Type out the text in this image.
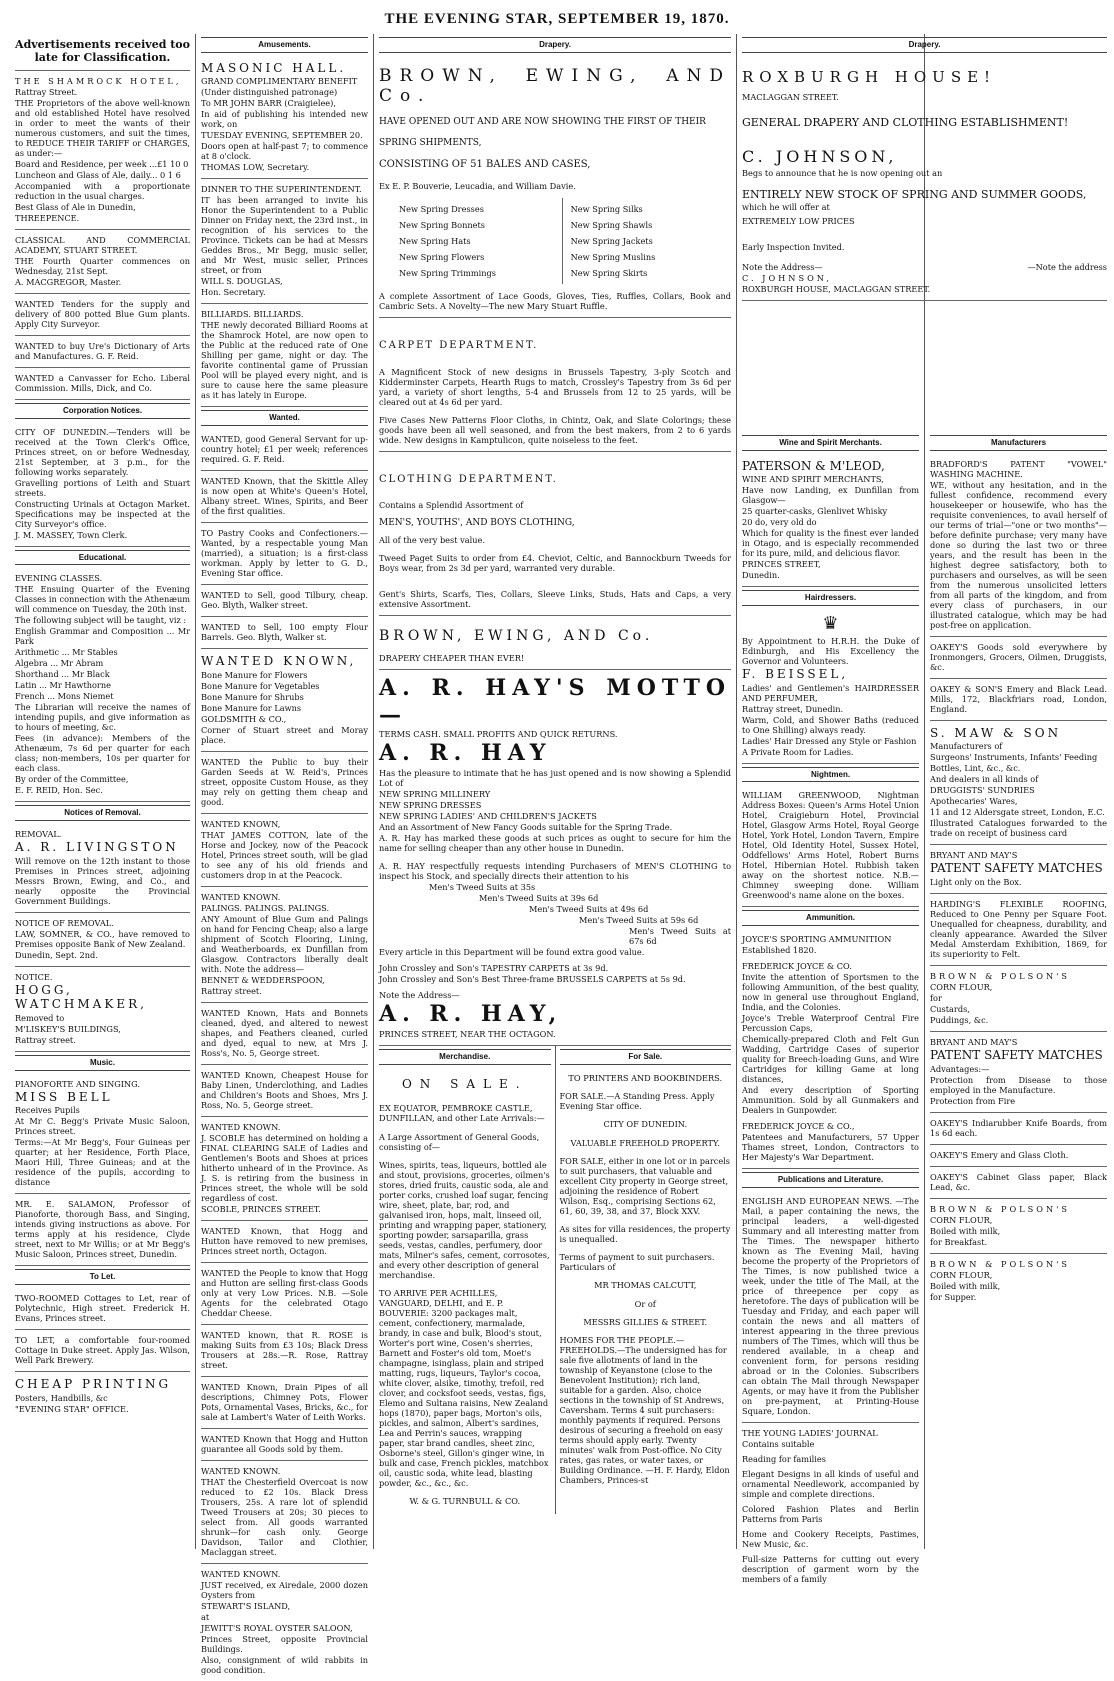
THE EVENING STAR, SEPTEMBER 19, 1870.
Advertisements received too late for Classification.

THE SHAMROCK HOTEL,

Rattray Street.

THE Proprietors of the above well-known and old established Hotel have resolved in order to meet the wants of their numerous customers, and suit the times, to REDUCE THEIR TARIFF or CHARGES, as under:—

Board and Residence, per week ...£1 10 0

Luncheon and Glass of Ale, daily... 0 1 6

Accompanied with a proportionate reduction in the usual charges.

Best Glass of Ale in Dunedin,

THREEPENCE.

CLASSICAL AND COMMERCIAL ACADEMY, STUART STREET.

THE Fourth Quarter commences on Wednesday, 21st Sept.

A. MACGREGOR, Master.

WANTED Tenders for the supply and delivery of 800 potted Blue Gum plants. Apply City Surveyor.

WANTED to buy Ure's Dictionary of Arts and Manufactures. G. F. Reid.

WANTED a Canvasser for Echo. Liberal Commission. Mills, Dick, and Co.

Corporation Notices.

CITY OF DUNEDIN.—Tenders will be received at the Town Clerk's Office, Princes street, on or before Wednesday, 21st September, at 3 p.m., for the following works separately.

Gravelling portions of Leith and Stuart streets.

Constructing Urinals at Octagon Market. Specifications may be inspected at the City Surveyor's office.

J. M. MASSEY, Town Clerk.

Educational.

EVENING CLASSES.

THE Ensuing Quarter of the Evening Classes in connection with the Athenæum will commence on Tuesday, the 20th inst.

The following subject will be taught, viz :

English Grammar and Composition ... Mr Park

Arithmetic ... Mr Stables

Algebra ... Mr Abram

Shorthand ... Mr Black

Latin ... Mr Hawthorne

French ... Mons Niemet

The Librarian will receive the names of intending pupils, and give information as to hours of meeting, &c.

Fees (in advance): Members of the Athenæum, 7s 6d per quarter for each class; non-members, 10s per quarter for each class.

By order of the Committee,

E. F. REID, Hon. Sec.

Notices of Removal.

REMOVAL.

A. R. LIVINGSTON

Will remove on the 12th instant to those Premises in Princes street, adjoining Messrs Brown, Ewing, and Co., and nearly opposite the Provincial Government Buildings.

NOTICE OF REMOVAL.

LAW, SOMNER, & CO., have removed to Premises opposite Bank of New Zealand.

Dunedin, Sept. 2nd.

NOTICE.

HOGG, WATCHMAKER,

Removed to

M'LISKEY'S BUILDINGS,

Rattray street.

Music.

PIANOFORTE AND SINGING.

MISS BELL

Receives Pupils

At Mr C. Begg's Private Music Saloon, Princes street.

Terms:—At Mr Begg's, Four Guineas per quarter; at her Residence, Forth Place, Maori Hill, Three Guineas; and at the residence of the pupils, according to distance

MR. E. SALAMON, Professor of Pianoforte, thorough Bass, and Singing, intends giving instructions as above. For terms apply at his residence, Clyde street, next to Mr Willis; or at Mr Begg's Music Saloon, Princes street, Dunedin.

To Let.

TWO-ROOMED Cottages to Let, rear of Polytechnic, High street. Frederick H. Evans, Princes street.

TO LET, a comfortable four-roomed Cottage in Duke street. Apply Jas. Wilson, Well Park Brewery.

CHEAP PRINTING

Posters, Handbills, &c

"EVENING STAR" OFFICE.

Amusements.

MASONIC HALL.

GRAND COMPLIMENTARY BENEFIT

(Under distinguished patronage)

To MR JOHN BARR (Craigielee),

In aid of publishing his intended new work, on

TUESDAY EVENING, SEPTEMBER 20.

Doors open at half-past 7; to commence at 8 o'clock.

THOMAS LOW, Secretary.

DINNER TO THE SUPERINTENDENT.

IT has been arranged to invite his Honor the Superintendent to a Public Dinner on Friday next, the 23rd inst., in recognition of his services to the Province. Tickets can be had at Messrs Geddes Bros., Mr Begg, music seller, and Mr West, music seller, Princes street, or from

WILL S. DOUGLAS,

Hon. Secretary.

BILLIARDS. BILLIARDS.

THE newly decorated Billiard Rooms at the Shamrock Hotel, are now open to the Public at the reduced rate of One Shilling per game, night or day. The favorite continental game of Prussian Pool will be played every night, and is sure to cause here the same pleasure as it has lately in Europe.

Wanted.

WANTED, good General Servant for up-country hotel; £1 per week; references required. G. F. Reid.

WANTED Known, that the Skittle Alley is now open at White's Queen's Hotel, Albany street. Wines, Spirits, and Beer of the first qualities.

TO Pastry Cooks and Confectioners.—Wanted, by a respectable young Man (married), a situation; is a first-class workman. Apply by letter to G. D., Evening Star office.

WANTED to Sell, good Tilbury, cheap. Geo. Blyth, Walker street.

WANTED to Sell, 100 empty Flour Barrels. Geo. Blyth, Walker st.

WANTED KNOWN,

Bone Manure for Flowers

Bone Manure for Vegetables

Bone Manure for Shrubs

Bone Manure for Lawns

GOLDSMITH & CO.,

Corner of Stuart street and Moray place.

WANTED the Public to buy their Garden Seeds at W. Reid's, Princes street, opposite Custom House, as they may rely on getting them cheap and good.

WANTED KNOWN,

THAT JAMES COTTON, late of the Horse and Jockey, now of the Peacock Hotel, Princes street south, will be glad to see any of his old friends and customers drop in at the Peacock.

WANTED KNOWN.

PALINGS. PALINGS. PALINGS.

ANY Amount of Blue Gum and Palings on hand for Fencing Cheap; also a large shipment of Scotch Flooring, Lining, and Weatherboards, ex Dunfillan from Glasgow. Contractors liberally dealt with. Note the address—

BENNET & WEDDERSPOON,

Rattray street.

WANTED Known, Hats and Bonnets cleaned, dyed, and altered to newest shapes, and Feathers cleaned, curled and dyed, equal to new, at Mrs J. Ross's, No. 5, George street.

WANTED Known, Cheapest House for Baby Linen, Underclothing, and Ladies and Children's Boots and Shoes, Mrs J. Ross, No. 5, George street.

WANTED KNOWN.

J. SCOBLE has determined on holding a FINAL CLEARING SALE of Ladies and Gentlemen's Boots and Shoes at prices hitherto unheard of in the Province. As J. S. is retiring from the business in Princes street, the whole will be sold regardless of cost.

SCOBLE, PRINCES STREET.

WANTED Known, that Hogg and Hutton have removed to new premises, Princes street north, Octagon.

WANTED the People to know that Hogg and Hutton are selling first-class Goods only at very Low Prices. N.B. —Sole Agents for the celebrated Otago Cheddar Cheese.

WANTED known, that R. ROSE is making Suits from £3 10s; Black Dress Trousers at 28s.—R. Rose, Rattray street.

WANTED Known, Drain Pipes of all descriptions, Chimney Pots, Flower Pots, Ornamental Vases, Bricks, &c., for sale at Lambert's Water of Leith Works.

WANTED Known that Hogg and Hutton guarantee all Goods sold by them.

WANTED KNOWN.

THAT the Chesterfield Overcoat is now reduced to £2 10s. Black Dress Trousers, 25s. A rare lot of splendid Tweed Trousers at 20s; 30 pieces to select from. All goods warranted shrunk—for cash only. George Davidson, Tailor and Clothier, Maclaggan street.

WANTED KNOWN.

JUST received, ex Airedale, 2000 dozen Oysters from

STEWART'S ISLAND,

at

JEWITT'S ROYAL OYSTER SALOON,

Princes Street, opposite Provincial Buildings.

Also, consignment of wild rabbits in good condition.

Drapery.

BROWN, EWING, AND Co.

HAVE OPENED OUT AND ARE NOW SHOWING THE FIRST OF THEIR

SPRING SHIPMENTS,

CONSISTING OF 51 BALES AND CASES,

Ex E. P. Bouverie, Leucadia, and William Davie.

New Spring Dresses

New Spring Bonnets

New Spring Hats

New Spring Flowers

New Spring Trimmings

New Spring Silks

New Spring Shawls

New Spring Jackets

New Spring Muslins

New Spring Skirts

A complete Assortment of Lace Goods, Gloves, Ties, Ruffles, Collars, Book and Cambric Sets. A Novelty—The new Mary Stuart Ruffle.

CARPET DEPARTMENT.

A Magnificent Stock of new designs in Brussels Tapestry, 3-ply Scotch and Kidderminster Carpets, Hearth Rugs to match, Crossley's Tapestry from 3s 6d per yard, a variety of short lengths, 5-4 and Brussels from 12 to 25 yards, will be cleared out at 4s 6d per yard.

Five Cases New Patterns Floor Cloths, in Chintz, Oak, and Slate Colorings; these goods have been all well seasoned, and from the best makers, from 2 to 6 yards wide. New designs in Kamptulicon, quite noiseless to the feet.

CLOTHING DEPARTMENT.

Contains a Splendid Assortment of

MEN'S, YOUTHS', AND BOYS CLOTHING,

All of the very best value.

Tweed Paget Suits to order from £4. Cheviot, Celtic, and Bannockburn Tweeds for Boys wear, from 2s 3d per yard, warranted very durable.

Gent's Shirts, Scarfs, Ties, Collars, Sleeve Links, Studs, Hats and Caps, a very extensive Assortment.

BROWN, EWING, AND Co.

DRAPERY CHEAPER THAN EVER!

A. R. HAY'S MOTTO—

TERMS CASH. SMALL PROFITS AND QUICK RETURNS.

A. R. HAY

Has the pleasure to intimate that he has just opened and is now showing a Splendid Lot of

NEW SPRING MILLINERY

NEW SPRING DRESSES

NEW SPRING LADIES' AND CHILDREN'S JACKETS

And an Assortment of New Fancy Goods suitable for the Spring Trade.

A. R. Hay has marked these goods at such prices as ought to secure for him the name for selling cheaper than any other house in Dunedin.

A. R. HAY respectfully requests intending Purchasers of MEN'S CLOTHING to inspect his Stock, and specially directs their attention to his

Men's Tweed Suits at 35s

Men's Tweed Suits at 39s 6d

Men's Tweed Suits at 49s 6d

Men's Tweed Suits at 59s 6d

Men's Tweed Suits at 67s 6d

Every article in this Department will be found extra good value.

John Crossley and Son's TAPESTRY CARPETS at 3s 9d.

John Crossley and Son's Best Three-frame BRUSSELS CARPETS at 5s 9d.

Note the Address—

A. R. HAY,

PRINCES STREET, NEAR THE OCTAGON.

Merchandise.

ON SALE.

EX EQUATOR, PEMBROKE CASTLE, DUNFILLAN, and other Late Arrivals:—

A Large Assortment of General Goods, consisting of—

Wines, spirits, teas, liqueurs, bottled ale and stout, provisions, groceries, oilmen's stores, dried fruits, caustic soda, ale and porter corks, crushed loaf sugar, fencing wire, sheet, plate, bar, rod, and galvanised iron, hops, malt, linseed oil, printing and wrapping paper, stationery, sporting powder, sarsaparilla, grass seeds, vestas, candles, perfumery, door mats, Milner's safes, cement, corrosotes, and every other description of general merchandise.

TO ARRIVE PER ACHILLES, VANGUARD, DELHI, and E. P. BOUVERIE: 3200 packages malt, cement, confectionery, marmalade, brandy, in case and bulk, Blood's stout, Worter's port wine, Cosen's sherries, Barnett and Foster's old tom, Moet's champagne, isinglass, plain and striped matting, rugs, liqueurs, Taylor's cocoa, white clover, alsike, timothy, trefoil, red clover, and cocksfoot seeds, vestas, figs, Elemo and Sultana raisins, New Zealand hops (1870), paper bags, Morton's oils, pickles, and salmon, Albert's sardines, Lea and Perrin's sauces, wrapping paper, star brand candles, sheet zinc, Osborne's steel, Gillon's ginger wine, in bulk and case, French pickles, matchbox oil, caustic soda, white lead, blasting powder, &c., &c., &c.

W. & G. TURNBULL & CO.

For Sale.

TO PRINTERS AND BOOKBINDERS.

FOR SALE.—A Standing Press. Apply Evening Star office.

CITY OF DUNEDIN.

VALUABLE FREEHOLD PROPERTY.

FOR SALE, either in one lot or in parcels to suit purchasers, that valuable and excellent City property in George street, adjoining the residence of Robert Wilson, Esq., comprising Sections 62, 61, 60, 39, 38, and 37, Block XXV.

As sites for villa residences, the property is unequalled.

Terms of payment to suit purchasers. Particulars of

MR THOMAS CALCUTT,

Or of

MESSRS GILLIES & STREET.

HOMES FOR THE PEOPLE.—FREEHOLDS.—The undersigned has for sale five allotments of land in the township of Keyanstone (close to the Benevolent Institution); rich land, suitable for a garden. Also, choice sections in the township of St Andrews, Caversham. Terms 4 suit purchasers: monthly payments if required. Persons desirous of securing a freehold on easy terms should apply early. Twenty minutes' walk from Post-office. No City rates, gas rates, or water taxes, or Building Ordinance. —H. F. Hardy, Eldon Chambers, Princes-st

Drapery.

ROXBURGH HOUSE!

MACLAGGAN STREET.

GENERAL DRAPERY AND CLOTHING ESTABLISHMENT!

C. JOHNSON,

Begs to announce that he is now opening out an

ENTIRELY NEW STOCK OF SPRING AND SUMMER GOODS,

which he will offer at

EXTREMELY LOW PRICES

Early Inspection Invited.

Note the Address—	—Note the address

C. JOHNSON,

ROXBURGH HOUSE, MACLAGGAN STREET.

Wine and Spirit Merchants.

PATERSON & M'LEOD,

WINE AND SPIRIT MERCHANTS,

Have now Landing, ex Dunfillan from Glasgow—

25 quarter-casks, Glenlivet Whisky

20 do, very old do

Which for quality is the finest ever landed in Otago, and is especially recommended for its pure, mild, and delicious flavor.

PRINCES STREET,

Dunedin.

Hairdressers.
♛

By Appointment to H.R.H. the Duke of Edinburgh, and His Excellency the Governor and Volunteers.

F. BEISSEL,

Ladies' and Gentlemen's HAIRDRESSER AND PERFUMER,

Rattray street, Dunedin.

Warm, Cold, and Shower Baths (reduced to One Shilling) always ready.

Ladies' Hair Dressed any Style or Fashion

A Private Room for Ladies.

Nightmen.

WILLIAM GREENWOOD, Nightman Address Boxes: Queen's Arms Hotel Union Hotel, Craigieburn Hotel, Provincial Hotel, Glasgow Arms Hotel, Royal George Hotel, York Hotel, London Tavern, Empire Hotel, Old Identity Hotel, Sussex Hotel, Oddfellows' Arms Hotel, Robert Burns Hotel, Hibernian Hotel. Rubbish taken away on the shortest notice. N.B.—Chimney sweeping done. William Greenwood's name alone on the boxes.

Ammunition.

JOYCE'S SPORTING AMMUNITION

Established 1820.

FREDERICK JOYCE & CO.

Invite the attention of Sportsmen to the following Ammunition, of the best quality, now in general use throughout England, India, and the Colonies.

Joyce's Treble Waterproof Central Fire Percussion Caps,

Chemically-prepared Cloth and Felt Gun Wadding, Cartridge Cases of superior quality for Breech-loading Guns, and Wire Cartridges for killing Game at long distances,

And every description of Sporting Ammunition. Sold by all Gunmakers and Dealers in Gunpowder.

FREDERICK JOYCE & CO.,

Patentees and Manufacturers, 57 Upper Thames street, London, Contractors to Her Majesty's War Department.

Publications and Literature.

ENGLISH AND EUROPEAN NEWS. —The Mail, a paper containing the news, the principal leaders, a well-digested Summary and all interesting matter from The Times. The newspaper hitherto known as The Evening Mail, having become the property of the Proprietors of The Times, is now published twice a week, under the title of The Mail, at the price of threepence per copy as heretofore. The days of publication will be Tuesday and Friday, and each paper will contain the news and all matters of interest appearing in the three previous numbers of The Times, which will thus be rendered available, in a cheap and convenient form, for persons residing abroad or in the Colonies. Subscribers can obtain The Mail through Newspaper Agents, or may have it from the Publisher on pre-payment, at Printing-House Square, London.

THE YOUNG LADIES' JOURNAL

Contains suitable

Reading for families

Elegant Designs in all kinds of useful and ornamental Needlework, accompanied by simple and complete directions.

Colored Fashion Plates and Berlin Patterns from Paris

Home and Cookery Receipts, Pastimes, New Music, &c.

Full-size Patterns for cutting out every description of garment worn by the members of a family

Manufacturers

BRADFORD'S PATENT "VOWEL" WASHING MACHINE.

WE, without any hesitation, and in the fullest confidence, recommend every housekeeper or housewife, who has the requisite conveniences, to avail herself of our terms of trial—"one or two months"—before definite purchase; very many have done so during the last two or three years, and the result has been in the highest degree satisfactory, both to purchasers and ourselves, as will be seen from the numerous unsolicited letters from all parts of the kingdom, and from every class of purchasers, in our illustrated catalogue, which may be had post-free on application.

OAKEY'S Goods sold everywhere by Ironmongers, Grocers, Oilmen, Druggists, &c.

OAKEY & SON'S Emery and Black Lead. Mills, 172, Blackfriars road, London, England.

S. MAW & SON

Manufacturers of

Surgeons' Instruments, Infants' Feeding

Bottles, Lint, &c., &c.

And dealers in all kinds of

DRUGGISTS' SUNDRIES

Apothecaries' Wares,

11 and 12 Aldersgate street, London, E.C.

Illustrated Catalogues forwarded to the trade on receipt of business card

BRYANT AND MAY'S

PATENT SAFETY MATCHES

Light only on the Box.

HARDING'S FLEXIBLE ROOFING, Reduced to One Penny per Square Foot. Unequalled for cheapness, durability, and cleanly appearance. Awarded the Silver Medal Amsterdam Exhibition, 1869, for its superiority to Felt.

BROWN & POLSON'S

CORN FLOUR,

for

Custards,

Puddings, &c.

BRYANT AND MAY'S

PATENT SAFETY MATCHES

Advantages:—

Protection from Disease to those employed in the Manufacture.

Protection from Fire

OAKEY'S Indiarubber Knife Boards, from 1s 6d each.

OAKEY'S Emery and Glass Cloth.

OAKEY'S Cabinet Glass paper, Black Lead, &c.

BROWN & POLSON'S

CORN FLOUR,

Boiled with milk,

for Breakfast.

BROWN & POLSON'S

CORN FLOUR,

Boiled with milk,

for Supper.
